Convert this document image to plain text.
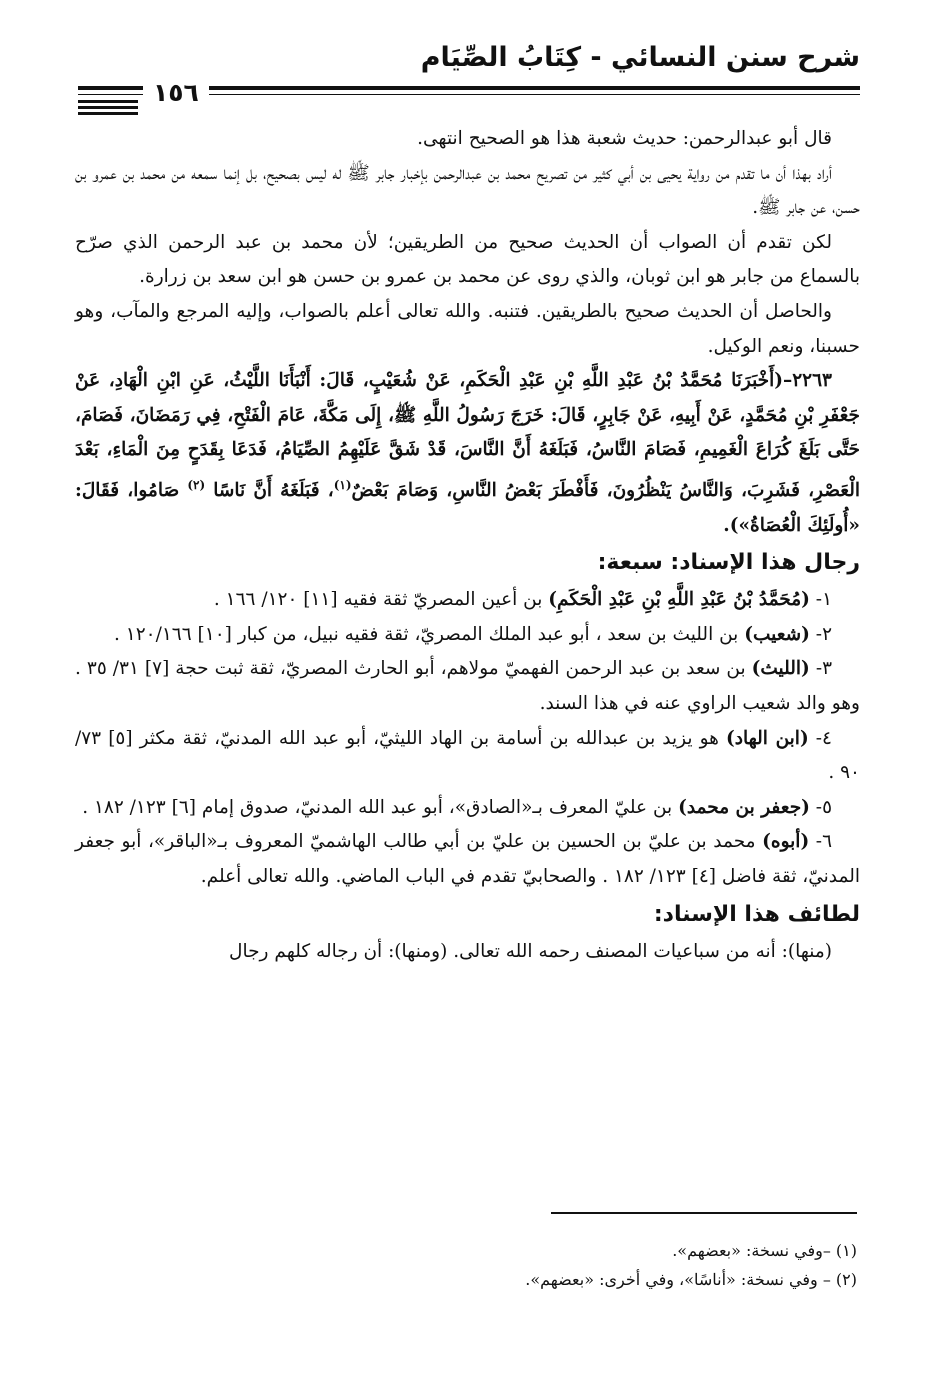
شرح سنن النسائي - كِتَابُ الصِّيَام
١٥٦

قال أبو عبدالرحمن: حديث شعبة هذا هو الصحيح انتهى.

أراد بهذا أن ما تقدم من رواية يحيى بن أبي كثير من تصريح محمد بن عبدالرحمن بإخبار جابر ﷺ له ليس بصحيح، بل إنما سمعه من محمد بن عمرو بن حسن، عن جابر ﷺ.

لكن تقدم أن الصواب أن الحديث صحيح من الطريقين؛ لأن محمد بن عبد الرحمن الذي صرّح بالسماع من جابر هو ابن ثوبان، والذي روى عن محمد بن عمرو بن حسن هو ابن سعد بن زرارة.

والحاصل أن الحديث صحيح بالطريقين. فتنبه. والله تعالى أعلم بالصواب، وإليه المرجع والمآب، وهو حسبنا، ونعم الوكيل.

٢٢٦٣–(أَخْبَرَنَا مُحَمَّدُ بْنُ عَبْدِ اللَّهِ بْنِ عَبْدِ الْحَكَمِ، عَنْ شُعَيْبٍ، قَالَ: أَنْبَأَنَا اللَّيْثُ، عَنِ ابْنِ الْهَادِ، عَنْ جَعْفَرِ بْنِ مُحَمَّدٍ، عَنْ أَبِيهِ، عَنْ جَابِرٍ، قَالَ: خَرَجَ رَسُولُ اللَّهِ ﷺ، إِلَى مَكَّةَ، عَامَ الْفَتْحِ، فِي رَمَضَانَ، فَصَامَ، حَتَّى بَلَغَ كُرَاعَ الْغَمِيمِ، فَصَامَ النَّاسُ، فَبَلَغَهُ أَنَّ النَّاسَ، قَدْ شَقَّ عَلَيْهِمُ الصِّيَامُ، فَدَعَا بِقَدَحٍ مِنَ الْمَاءِ، بَعْدَ الْعَصْرِ، فَشَرِبَ، وَالنَّاسُ يَنْظُرُونَ، فَأَفْطَرَ بَعْضُ النَّاسِ، وَصَامَ بَعْضٌ$^{(١)}$، فَبَلَغَهُ أَنَّ نَاسًا $^{(٢)}$ صَامُوا، فَقَالَ: «أُولَئِكَ الْعُصَاةُ»).

رجال هذا الإسناد: سبعة:

١- (مُحَمَّدُ بْنُ عَبْدِ اللَّهِ بْنِ عَبْدِ الْحَكَمِ) بن أعين المصريّ ثقة فقيه [١١] ١٢٠/ ١٦٦ .

٢- (شعيب) بن الليث بن سعد ، أبو عبد الملك المصريّ، ثقة فقيه نبيل، من كبار [١٠] ١٢٠/١٦٦ .

٣- (الليث) بن سعد بن عبد الرحمن الفهميّ مولاهم، أبو الحارث المصريّ، ثقة ثبت حجة [٧] ٣١/ ٣٥ . وهو والد شعيب الراوي عنه في هذا السند.

٤- (ابن الهاد) هو يزيد بن عبدالله بن أسامة بن الهاد الليثيّ، أبو عبد الله المدنيّ، ثقة مكثر [٥] ٧٣/ ٩٠ .

٥- (جعفر بن محمد) بن عليّ المعرف بـ«الصادق»، أبو عبد الله المدنيّ، صدوق إمام [٦] ١٢٣/ ١٨٢ .

٦- (أبوه) محمد بن عليّ بن الحسين بن عليّ بن أبي طالب الهاشميّ المعروف بـ«الباقر»، أبو جعفر المدنيّ، ثقة فاضل [٤] ١٢٣/ ١٨٢ . والصحابيّ تقدم في الباب الماضي. والله تعالى أعلم.

لطائف هذا الإسناد:

(منها): أنه من سباعيات المصنف رحمه الله تعالى. (ومنها): أن رجاله كلهم رجال

(١) –وفي نسخة: «بعضهم».

(٢) – وفي نسخة: «أناسًا»، وفي أخرى: «بعضهم».
